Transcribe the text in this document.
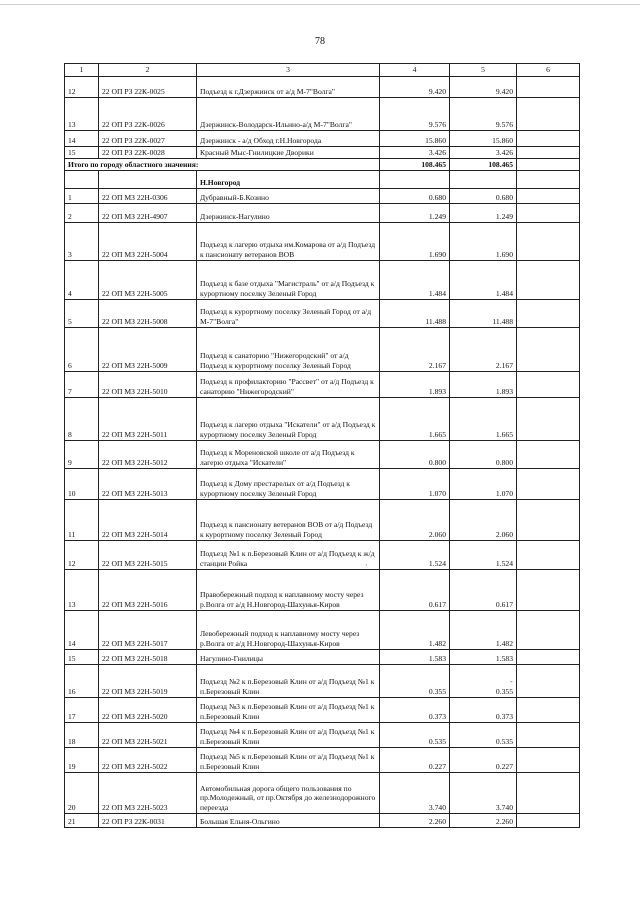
78
1	2	3	4	5	6
12	22 ОП РЗ 22К-0025	Подъезд к г.Дзержинск от а/д М-7"Волга"	9.420	9.420	
13	22 ОП РЗ 22К-0026	Дзержинск-Володарск-Ильино-а/д М-7"Волга"	9.576	9.576	
14	22 ОП РЗ 22К-0027	Дзержинск - а/д Обход г.Н.Новгорода	15.860	15.860	
15	22 ОП РЗ 22К-0028	Красный Мыс-Гнилицкие Дворики	3.426	3.426	
Итого по городу областного значения:			108.465	108.465	
		Н.Новгород			
1	22 ОП МЗ 22Н-0306	Дубравный-Б.Козино	0.680	0.680	
2	22 ОП МЗ 22Н-4907	Дзержинск-Нагулино	1.249	1.249	
3	22 ОП МЗ 22Н-5004	Подъезд к лагерю отдыха им.Комарова от а/д Подъезд к пансионату ветеранов ВОВ	1.690	1.690	
4	22 ОП МЗ 22Н-5005	Подъезд к базе отдыха "Магистраль" от а/д Подъезд к курортному поселку Зеленый Город	1.484	1.484	
5	22 ОП МЗ 22Н-5008	Подъезд к курортному поселку Зеленый Город от а/д М-7"Волга"	11.488	11.488	
6	22 ОП МЗ 22Н-5009	Подъезд к санаторию "Нижегородский" от а/д Подъезд к курортному поселку Зеленый Город	2.167	2.167	
7	22 ОП МЗ 22Н-5010	Подъезд к профилакторию "Рассвет" от а/д Подъезд к санаторию "Нижегородский"	1.893	1.893	
8	22 ОП МЗ 22Н-5011	Подъезд к лагерю отдыха "Искатели" от а/д Подъезд к курортному поселку Зеленый Город	1.665	1.665	
9	22 ОП МЗ 22Н-5012	Подъезд к Мореновской школе от а/д Подъезд к лагерю отдыха "Искатели"	0.800	0.800	
10	22 ОП МЗ 22Н-5013	Подъезд к Дому престарелых от а/д Подъезд к курортному поселку Зеленый Город	1.070	1.070	
11	22 ОП МЗ 22Н-5014	Подъезд к пансионату ветеранов ВОВ от а/д Подъезд к курортному поселку Зеленый Город	2.060	2.060	
12	22 ОП МЗ 22Н-5015	Подъезд №1 к п.Березовый Клин от а/д Подъезд к ж/д станции Ройка	1.524	1.524	
13	22 ОП МЗ 22Н-5016	Правобережный подход к наплавному мосту через р.Волга от а/д Н.Новгород-Шахунья-Киров	0.617	0.617	
14	22 ОП МЗ 22Н-5017	Левобережный подход к наплавному мосту через р.Волга от а/д Н.Новгород-Шахунья-Киров	1.482	1.482	
15	22 ОП МЗ 22Н-5018	Нагулино-Гнилицы	1.583	1.583	
16	22 ОП МЗ 22Н-5019	Подъезд №2 к п.Березовый Клин от а/д Подъезд №1 к п.Березовый Клин	0.355	0.355	
17	22 ОП МЗ 22Н-5020	Подъезд №3 к п.Березовый Клин от а/д Подъезд №1 к п.Березовый Клин	0.373	0.373	
18	22 ОП МЗ 22Н-5021	Подъезд №4 к п.Березовый Клин от а/д Подъезд №1 к п.Березовый Клин	0.535	0.535	
19	22 ОП МЗ 22Н-5022	Подъезд №5 к п.Березовый Клин от а/д Подъезд №1 к п.Березовый Клин	0.227	0.227	
20	22 ОП МЗ 22Н-5023	Автомобильная дорога общего пользования по пр.Молодежный, от пр.Октября до железнодорожного переезда	3.740	3.740	
21	22 ОП РЗ 22К-0031	Большая Ельня-Ольгино	2.260	2.260	
-
·
